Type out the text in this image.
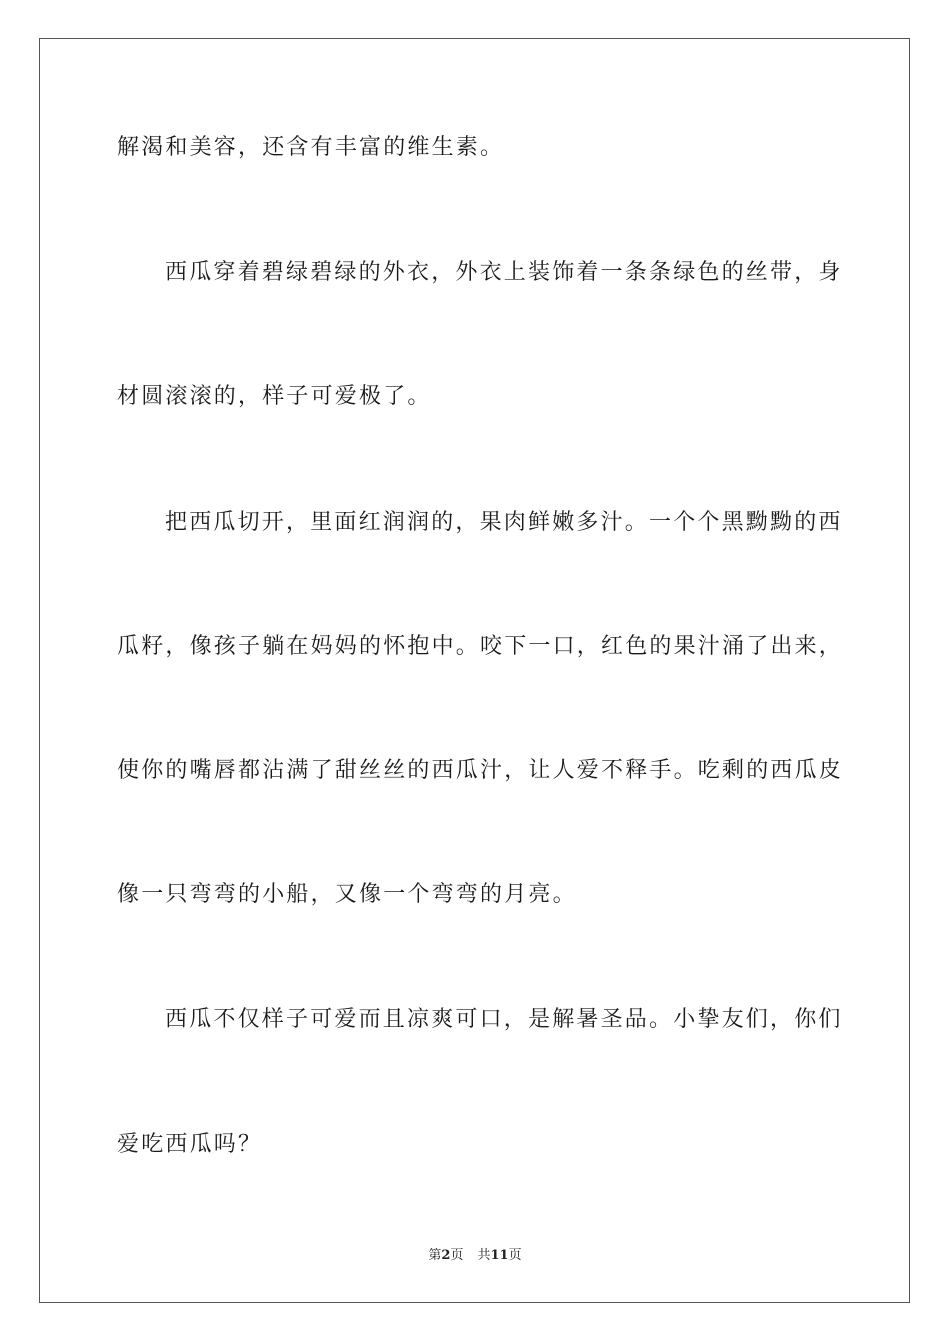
解渴和美容，还含有丰富的维生素。
西瓜穿着碧绿碧绿的外衣，外衣上装饰着一条条绿色的丝带，身
材圆滚滚的，样子可爱极了。
把西瓜切开，里面红润润的，果肉鲜嫩多汁。一个个黑黝黝的西
瓜籽，像孩子躺在妈妈的怀抱中。咬下一口，红色的果汁涌了出来，
使你的嘴唇都沾满了甜丝丝的西瓜汁，让人爱不释手。吃剩的西瓜皮
像一只弯弯的小船，又像一个弯弯的月亮。
西瓜不仅样子可爱而且凉爽可口，是解暑圣品。小挚友们，你们
爱吃西瓜吗？
第2页 共11页
